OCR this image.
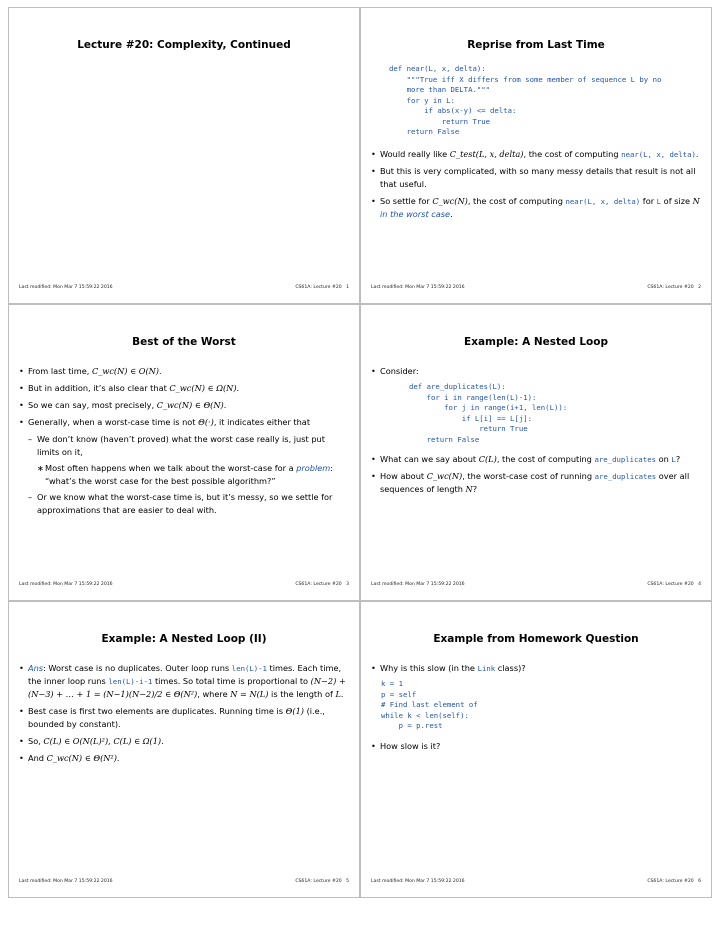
Lecture #20: Complexity, Continued
Last modified: Mon Mar 7 15:59:22 2016	CS61A: Lecture #20 1
Reprise from Last Time
def near(L, x, delta):
"""True iff X differs from some member of sequence L by no
more than DELTA."""
for y in L:
if abs(x-y) <= delta:
return True
return False
• Would really like C_test(L, x, delta), the cost of computing near(L, x, delta).
• But this is very complicated, with so many messy details that result is not all that useful.
• So settle for C_wc(N), the cost of computing near(L, x, delta) for L of size N in the worst case.
Last modified: Mon Mar 7 15:59:22 2016	CS61A: Lecture #20 2
Best of the Worst
• From last time, C_wc(N) ∈ O(N).
• But in addition, it’s also clear that C_wc(N) ∈ Ω(N).
• So we can say, most precisely, C_wc(N) ∈ Θ(N).
• Generally, when a worst-case time is not Θ(·), it indicates either that
– We don’t know (haven’t proved) what the worst case really is, just put limits on it,
∗ Most often happens when we talk about the worst-case for a problem: “what’s the worst case for the best possible algorithm?”
– Or we know what the worst-case time is, but it’s messy, so we settle for approximations that are easier to deal with.
Last modified: Mon Mar 7 15:59:22 2016	CS61A: Lecture #20 3
Example: A Nested Loop
• Consider:
def are_duplicates(L):
for i in range(len(L)-1):
for j in range(i+1, len(L)):
if L[i] == L[j]:
return True
return False
• What can we say about C(L), the cost of computing are_duplicates on L?
• How about C_wc(N), the worst-case cost of running are_duplicates over all sequences of length N?
Last modified: Mon Mar 7 15:59:22 2016	CS61A: Lecture #20 4
Example: A Nested Loop (II)
• Ans: Worst case is no duplicates. Outer loop runs len(L)-1 times. Each time, the inner loop runs len(L)-i-1 times. So total time is proportional to (N−2) + (N−3) + … + 1 = (N−1)(N−2)/2 ∈ Θ(N²), where N = N(L) is the length of L.
• Best case is first two elements are duplicates. Running time is Θ(1) (i.e., bounded by constant).
• So, C(L) ∈ O(N(L)²), C(L) ∈ Ω(1).
• And C_wc(N) ∈ Θ(N²).
Last modified: Mon Mar 7 15:59:22 2016	CS61A: Lecture #20 5
Example from Homework Question
• Why is this slow (in the Link class)?
k = 1
p = self
# Find last element of
while k < len(self):
p = p.rest
• How slow is it?
Last modified: Mon Mar 7 15:59:22 2016	CS61A: Lecture #20 6
